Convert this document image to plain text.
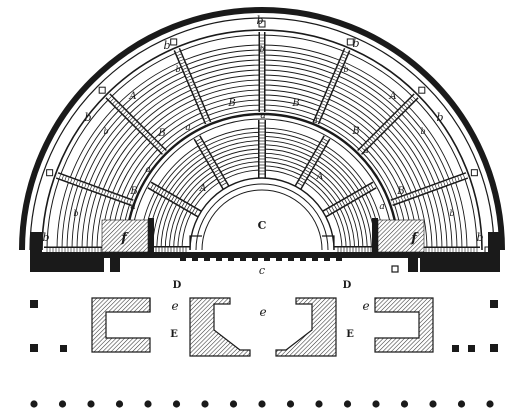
b
b	b
b	b
b	b
b
b	b
b	b
b	b
a
a
a
a
a
a	a
A	A
A
A
B
B	B
B
B	B
C
c
D	D
e	e	e
E	E
f	f
